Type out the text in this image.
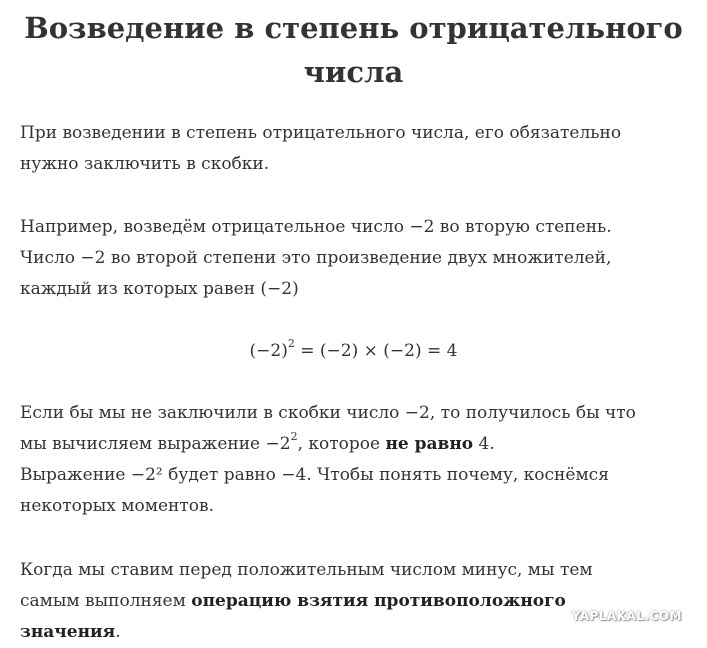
Возведение в степень отрицательного числа
При возведении в степень отрицательного числа, его обязательно
нужно заключить в скобки.
Например, возведём отрицательное число −2 во вторую степень.
Число −2 во второй степени это произведение двух множителей,
каждый из которых равен (−2)
$(-2)^2 = (-2) \times (-2) = 4$
Если бы мы не заключили в скобки число −2, то получилось бы что
мы вычисляем выражение $-2^2$, которое не равно 4.
Выражение −2² будет равно −4. Чтобы понять почему, коснёмся
некоторых моментов.
Когда мы ставим перед положительным числом минус, мы тем
самым выполняем операцию взятия противоположного
значения.
YAPLAKAL.COM
